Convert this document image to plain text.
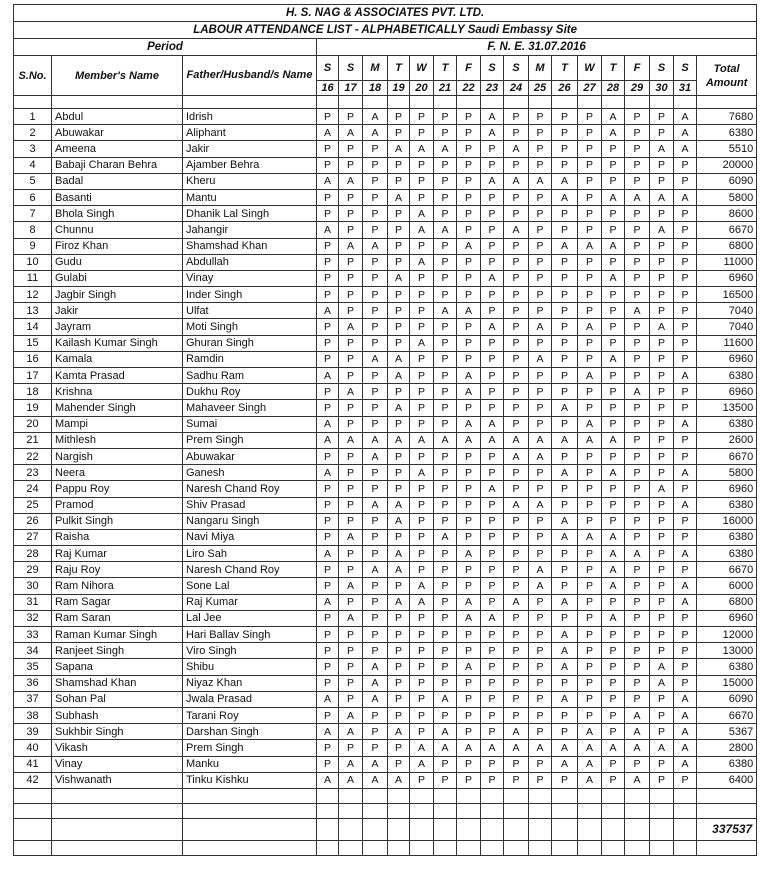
H. S. NAG & ASSOCIATES PVT. LTD.																			
LABOUR ATTENDANCE LIST - ALPHABETICALLY Saudi Embassy Site																			
Period			F. N. E. 31.07.2016																
S.No.	Member's Name	Father/Husband/s Name	S	S	M	T	W	T	F	S	S	M	T	W	T	F	S	S	Total Amount
			16	17	18	19	20	21	22	23	24	25	26	27	28	29	30	31	

1	Abdul	Idrish	P	P	A	P	P	P	P	A	P	P	P	P	A	P	P	A	7680
2	Abuwakar	Aliphant	A	A	A	P	P	P	P	A	P	P	P	P	A	P	P	A	6380
3	Ameena	Jakir	P	P	P	A	A	A	P	P	A	P	P	P	P	P	A	A	5510
4	Babaji Charan Behra	Ajamber Behra	P	P	P	P	P	P	P	P	P	P	P	P	P	P	P	P	20000
5	Badal	Kheru	A	A	P	P	P	P	P	A	A	A	A	P	P	P	P	P	6090
6	Basanti	Mantu	P	P	P	A	P	P	P	P	P	P	A	P	A	A	A	A	5800
7	Bhola Singh	Dhanik Lal Singh	P	P	P	P	A	P	P	P	P	P	P	P	P	P	P	P	8600
8	Chunnu	Jahangir	A	P	P	P	A	A	P	P	A	P	P	P	P	P	A	P	6670
9	Firoz Khan	Shamshad Khan	P	A	A	P	P	P	A	P	P	P	A	A	A	P	P	P	6800
10	Gudu	Abdullah	P	P	P	P	A	P	P	P	P	P	P	P	P	P	P	P	11000
11	Gulabi	Vinay	P	P	P	A	P	P	P	A	P	P	P	P	A	P	P	P	6960
12	Jagbir Singh	Inder Singh	P	P	P	P	P	P	P	P	P	P	P	P	P	P	P	P	16500
13	Jakir	Ulfat	A	P	P	P	P	A	A	P	P	P	P	P	P	A	P	P	7040
14	Jayram	Moti Singh	P	A	P	P	P	P	P	A	P	A	P	A	P	P	A	P	7040
15	Kailash Kumar Singh	Ghuran Singh	P	P	P	P	A	P	P	P	P	P	P	P	P	P	P	P	11600
16	Kamala	Ramdin	P	P	A	A	P	P	P	P	P	A	P	P	A	P	P	P	6960
17	Kamta Prasad	Sadhu Ram	A	P	P	A	P	P	A	P	P	P	P	A	P	P	P	A	6380
18	Krishna	Dukhu Roy	P	A	P	P	P	P	A	P	P	P	P	P	P	A	P	P	6960
19	Mahender Singh	Mahaveer Singh	P	P	P	A	P	P	P	P	P	P	A	P	P	P	P	P	13500
20	Mampi	Sumai	A	P	P	P	P	P	A	A	P	P	P	A	P	P	P	A	6380
21	Mithlesh	Prem Singh	A	A	A	A	A	A	A	A	A	A	A	A	A	P	P	P	2600
22	Nargish	Abuwakar	P	P	A	P	P	P	P	P	A	A	P	P	P	P	P	P	6670
23	Neera	Ganesh	A	P	P	P	A	P	P	P	P	P	A	P	A	P	P	A	5800
24	Pappu Roy	Naresh Chand Roy	P	P	P	P	P	P	P	A	P	P	P	P	P	P	A	P	6960
25	Pramod	Shiv Prasad	P	P	A	A	P	P	P	P	A	A	P	P	P	P	P	A	6380
26	Pulkit Singh	Nangaru Singh	P	P	P	A	P	P	P	P	P	P	A	P	P	P	P	P	16000
27	Raisha	Navi Miya	P	A	P	P	P	A	P	P	P	P	A	A	A	P	P	P	6380
28	Raj Kumar	Liro Sah	A	P	P	A	P	P	A	P	P	P	P	P	A	A	P	A	6380
29	Raju Roy	Naresh Chand Roy	P	P	A	A	P	P	P	P	P	A	P	P	A	P	P	P	6670
30	Ram Nihora	Sone Lal	P	A	P	P	A	P	P	P	P	A	P	P	A	P	P	A	6000
31	Ram Sagar	Raj Kumar	A	P	P	A	A	P	A	P	A	P	A	P	P	P	P	A	6800
32	Ram Saran	Lal Jee	P	A	P	P	P	P	A	A	P	P	P	P	A	P	P	P	6960
33	Raman Kumar Singh	Hari Ballav Singh	P	P	P	P	P	P	P	P	P	P	A	P	P	P	P	P	12000
34	Ranjeet Singh	Viro Singh	P	P	P	P	P	P	P	P	P	P	A	P	P	P	P	P	13000
35	Sapana	Shibu	P	P	A	P	P	P	A	P	P	P	A	P	P	P	A	P	6380
36	Shamshad Khan	Niyaz Khan	P	P	A	P	P	P	P	P	P	P	P	P	P	P	A	P	15000
37	Sohan Pal	Jwala Prasad	A	P	A	P	P	A	P	P	P	P	A	P	P	P	P	A	6090
38	Subhash	Tarani Roy	P	A	P	P	P	P	P	P	P	P	P	P	P	A	P	A	6670
39	Sukhbir Singh	Darshan Singh	A	A	P	A	P	A	P	P	A	P	P	A	P	A	P	A	5367
40	Vikash	Prem Singh	P	P	P	P	A	A	A	A	A	A	A	A	A	A	A	A	2800
41	Vinay	Manku	P	A	A	P	A	P	P	P	P	P	A	A	P	P	P	A	6380
42	Vishwanath	Tinku Kishku	A	A	A	A	P	P	P	P	P	P	P	A	P	A	P	P	6400

																			337537
